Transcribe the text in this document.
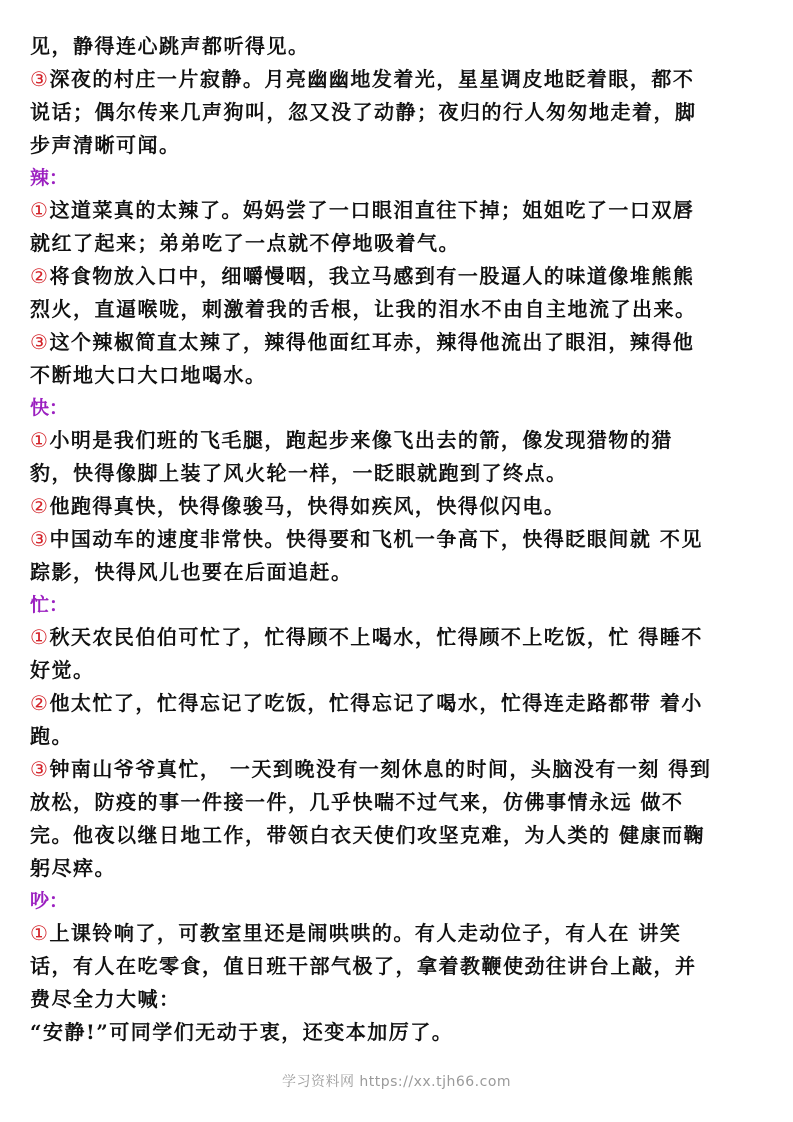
见，静得连心跳声都听得见。
③深夜的村庄一片寂静。月亮幽幽地发着光，星星调皮地眨着眼，都不
说话；偶尔传来几声狗叫，忽又没了动静；夜归的行人匆匆地走着，脚
步声清晰可闻。
辣：
①这道菜真的太辣了。妈妈尝了一口眼泪直往下掉；姐姐吃了一口双唇
就红了起来；弟弟吃了一点就不停地吸着气。
②将食物放入口中，细嚼慢咽，我立马感到有一股逼人的味道像堆熊熊
烈火，直逼喉咙，刺激着我的舌根，让我的泪水不由自主地流了出来。
③这个辣椒简直太辣了，辣得他面红耳赤，辣得他流出了眼泪，辣得他
不断地大口大口地喝水。
快：
①小明是我们班的飞毛腿，跑起步来像飞出去的箭，像发现猎物的猎
豹，快得像脚上装了风火轮一样，一眨眼就跑到了终点。
②他跑得真快，快得像骏马，快得如疾风，快得似闪电。
③中国动车的速度非常快。快得要和飞机一争高下，快得眨眼间就 不见
踪影，快得风儿也要在后面追赶。
忙：
①秋天农民伯伯可忙了，忙得顾不上喝水，忙得顾不上吃饭，忙 得睡不
好觉。
②他太忙了，忙得忘记了吃饭，忙得忘记了喝水，忙得连走路都带 着小
跑。
③钟南山爷爷真忙， 一天到晚没有一刻休息的时间，头脑没有一刻 得到
放松，防疫的事一件接一件，几乎快喘不过气来，仿佛事情永远 做不
完。他夜以继日地工作，带领白衣天使们攻坚克难，为人类的 健康而鞠
躬尽瘁。
吵：
①上课铃响了，可教室里还是闹哄哄的。有人走动位子，有人在 讲笑
话，有人在吃零食，值日班干部气极了，拿着教鞭使劲往讲台上敲，并
费尽全力大喊：
“安静!”可同学们无动于衷，还变本加厉了。
学习资料网 https://xx.tjh66.com
